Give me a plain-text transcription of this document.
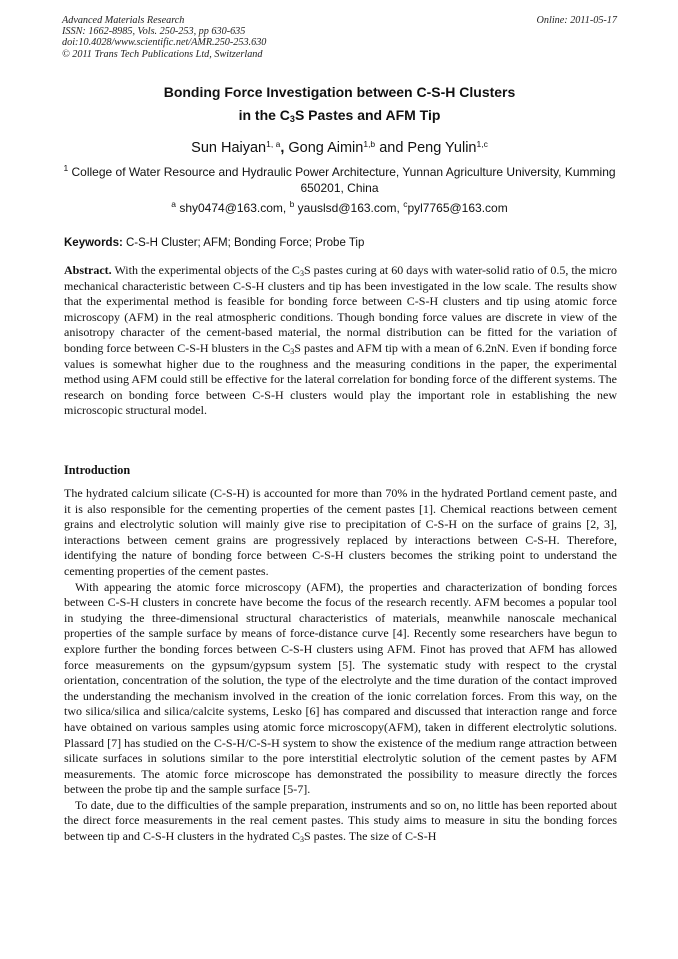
Advanced Materials Research
ISSN: 1662-8985, Vols. 250-253, pp 630-635
doi:10.4028/www.scientific.net/AMR.250-253.630
© 2011 Trans Tech Publications Ltd, Switzerland
Online: 2011-05-17
Bonding Force Investigation between C-S-H Clusters
in the $C_3S$ Pastes and AFM Tip
Sun Haiyan$^{1, a}$, Gong Aimin$^{1,b}$ and Peng Yulin$^{1,c}$
$^1$ College of Water Resource and Hydraulic Power Architecture, Yunnan Agriculture University, Kumming 650201, China
$^a$ shy0474@163.com, $^b$ yauslsd@163.com, $^c$pyl7765@163.com
Keywords: C-S-H Cluster; AFM; Bonding Force; Probe Tip
Abstract. With the experimental objects of the $C_3S$ pastes curing at 60 days with water-solid ratio of 0.5, the micro mechanical characteristic between C-S-H clusters and tip has been investigated in the low scale. The results show that the experimental method is feasible for bonding force between C-S-H clusters and tip using atomic force microscopy (AFM) in the real atmospheric conditions. Though bonding force values are discrete in view of the anisotropy character of the cement-based material, the normal distribution can be fitted for the variation of bonding force between C-S-H blusters in the $C_3S$ pastes and AFM tip with a mean of 6.2nN. Even if bonding force values is somewhat higher due to the roughness and the measuring conditions in the paper, the experimental method using AFM could still be effective for the lateral correlation for bonding force of the different systems. The research on bonding force between C-S-H clusters would play the important role in establishing the new microscopic structural model.
Introduction

The hydrated calcium silicate (C-S-H) is accounted for more than 70% in the hydrated Portland cement paste, and it is also responsible for the cementing properties of the cement pastes [1]. Chemical reactions between cement grains and electrolytic solution will mainly give rise to precipitation of C-S-H on the surface of grains [2, 3], interactions between cement grains are progressively replaced by interactions between C-S-H. Therefore, identifying the nature of bonding force between C-S-H clusters becomes the striking point to understand the cementing properties of the cement pastes.

With appearing the atomic force microscopy (AFM), the properties and characterization of bonding forces between C-S-H clusters in concrete have become the focus of the research recently. AFM becomes a popular tool in studying the three-dimensional structural characteristics of materials, meanwhile nanoscale mechanical properties of the sample surface by means of force-distance curve [4]. Recently some researchers have begun to explore further the bonding forces between C-S-H clusters using AFM. Finot has proved that AFM has allowed force measurements on the gypsum/gypsum system [5]. The systematic study with respect to the crystal orientation, concentration of the solution, the type of the electrolyte and the time duration of the contact improved the understanding the mechanism involved in the creation of the ionic correlation forces. From this way, on the two silica/silica and silica/calcite systems, Lesko [6] has compared and discussed that interaction range and force have obtained on various samples using atomic force microscopy(AFM), taken in different electrolytic solutions. Plassard [7] has studied on the C-S-H/C-S-H system to show the existence of the medium range attraction between silicate surfaces in solutions similar to the pore interstitial electrolytic solution of the cement pastes by AFM measurements. The atomic force microscope has demonstrated the possibility to measure directly the forces between the probe tip and the sample surface [5-7].

To date, due to the difficulties of the sample preparation, instruments and so on, no little has been reported about the direct force measurements in the real cement pastes. This study aims to measure in situ the bonding forces between tip and C-S-H clusters in the hydrated $C_3S$ pastes. The size of C-S-H
